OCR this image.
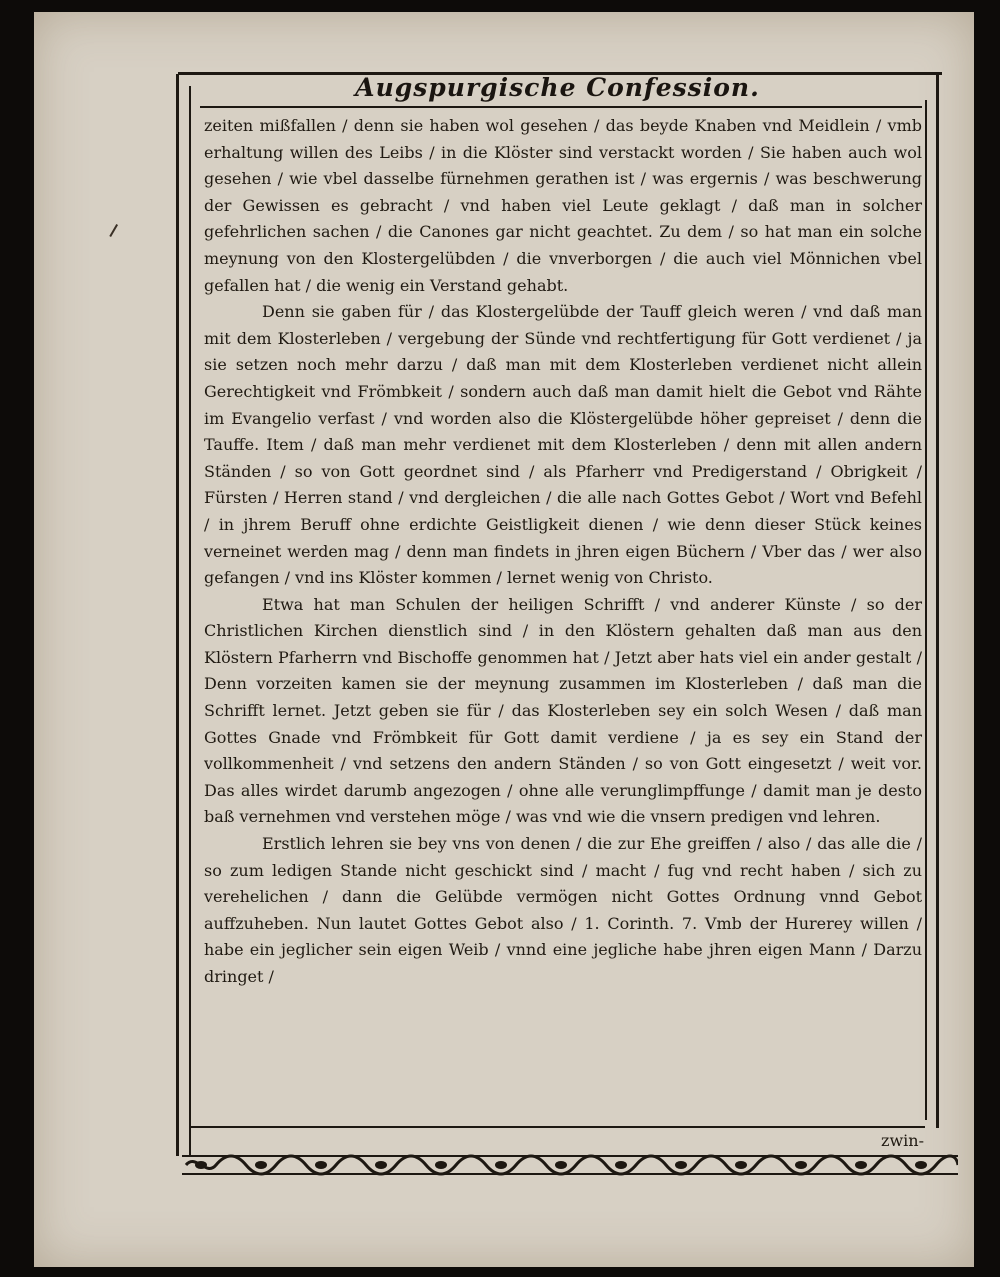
Augspurgische Confession.

zeiten mißfallen / denn sie haben wol gesehen / das beyde Knaben vnd Meidlein / vmb erhaltung willen des Leibs / in die Klöster sind verstackt worden / Sie haben auch wol gesehen / wie vbel dasselbe fürnehmen gerathen ist / was ergernis / was beschwerung der Gewissen es gebracht / vnd haben viel Leute geklagt / daß man in solcher gefehrlichen sachen / die Canones gar nicht geachtet. Zu dem / so hat man ein solche meynung von den Klostergelübden / die vnverborgen / die auch viel Mönnichen vbel gefallen hat / die wenig ein Verstand gehabt.

Denn sie gaben für / das Klostergelübde der Tauff gleich weren / vnd daß man mit dem Klosterleben / vergebung der Sünde vnd rechtfertigung für Gott verdienet / ja sie setzen noch mehr darzu / daß man mit dem Klosterleben verdienet nicht allein Gerechtigkeit vnd Frömbkeit / sondern auch daß man damit hielt die Gebot vnd Rähte im Evangelio verfast / vnd worden also die Klöstergelübde höher gepreiset / denn die Tauffe. Item / daß man mehr verdienet mit dem Klosterleben / denn mit allen andern Ständen / so von Gott geordnet sind / als Pfarherr vnd Predigerstand / Obrigkeit / Fürsten / Herren stand / vnd dergleichen / die alle nach Gottes Gebot / Wort vnd Befehl / in jhrem Beruff ohne erdichte Geistligkeit dienen / wie denn dieser Stück keines verneinet werden mag / denn man findets in jhren eigen Büchern / Vber das / wer also gefangen / vnd ins Klöster kommen / lernet wenig von Christo.

Etwa hat man Schulen der heiligen Schrifft / vnd anderer Künste / so der Christlichen Kirchen dienstlich sind / in den Klöstern gehalten daß man aus den Klöstern Pfarherrn vnd Bischoffe genommen hat / Jetzt aber hats viel ein ander gestalt / Denn vorzeiten kamen sie der meynung zusammen im Klosterleben / daß man die Schrifft lernet. Jetzt geben sie für / das Klosterleben sey ein solch Wesen / daß man Gottes Gnade vnd Frömbkeit für Gott damit verdiene / ja es sey ein Stand der vollkommenheit / vnd setzens den andern Ständen / so von Gott eingesetzt / weit vor. Das alles wirdet darumb angezogen / ohne alle verunglimpffunge / damit man je desto baß vernehmen vnd verstehen möge / was vnd wie die vnsern predigen vnd lehren.

Erstlich lehren sie bey vns von denen / die zur Ehe greiffen / also / das alle die / so zum ledigen Stande nicht geschickt sind / macht / fug vnd recht haben / sich zu verehelichen / dann die Gelübde vermögen nicht Gottes Ordnung vnnd Gebot auffzuheben. Nun lautet Gottes Gebot also / 1. Corinth. 7. Vmb der Hurerey willen / habe ein jeglicher sein eigen Weib / vnnd eine jegliche habe jhren eigen Mann / Darzu dringet /

zwin-
